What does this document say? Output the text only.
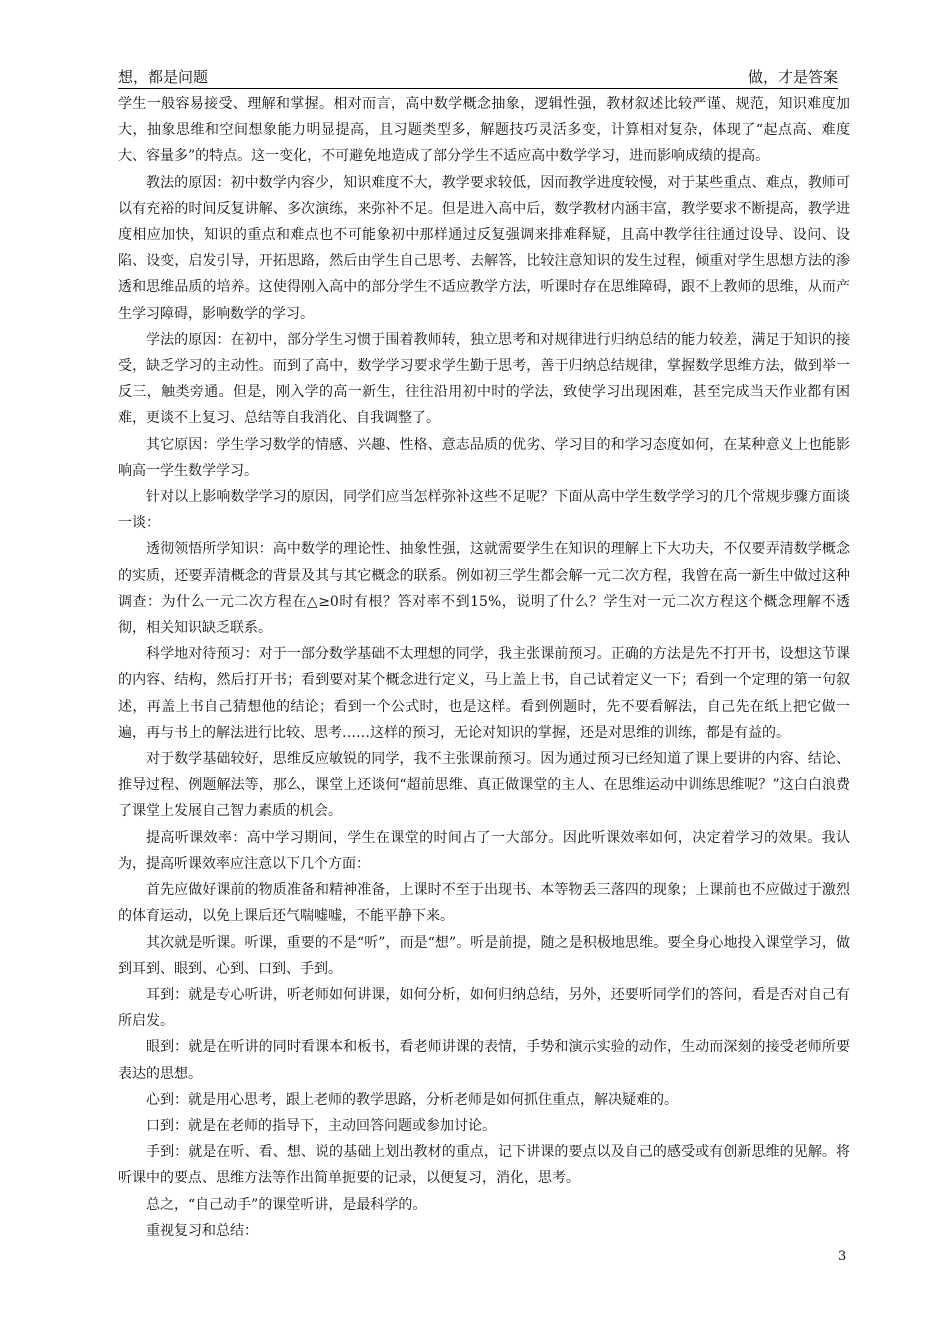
想，都是问题	做，才是答案

学生一般容易接受、理解和掌握。相对而言，高中数学概念抽象，逻辑性强，教材叙述比较严谨、规范，知识难度加大，抽象思维和空间想象能力明显提高，且习题类型多，解题技巧灵活多变，计算相对复杂，体现了“起点高、难度大、容量多”的特点。这一变化，不可避免地造成了部分学生不适应高中数学学习，进而影响成绩的提高。

教法的原因：初中数学内容少，知识难度不大，教学要求较低，因而教学进度较慢，对于某些重点、难点，教师可以有充裕的时间反复讲解、多次演练，来弥补不足。但是进入高中后，数学教材内涵丰富，教学要求不断提高，教学进度相应加快，知识的重点和难点也不可能象初中那样通过反复强调来排难释疑，且高中教学往往通过设导、设问、设陷、设变，启发引导，开拓思路，然后由学生自己思考、去解答，比较注意知识的发生过程，倾重对学生思想方法的渗透和思维品质的培养。这使得刚入高中的部分学生不适应教学方法，听课时存在思维障碍，跟不上教师的思维，从而产生学习障碍，影响数学的学习。

学法的原因：在初中，部分学生习惯于围着教师转，独立思考和对规律进行归纳总结的能力较差，满足于知识的接受，缺乏学习的主动性。而到了高中，数学学习要求学生勤于思考，善于归纳总结规律，掌握数学思维方法，做到举一反三，触类旁通。但是，刚入学的高一新生，往往沿用初中时的学法，致使学习出现困难，甚至完成当天作业都有困难，更谈不上复习、总结等自我消化、自我调整了。

其它原因：学生学习数学的情感、兴趣、性格、意志品质的优劣、学习目的和学习态度如何，在某种意义上也能影响高一学生数学学习。

针对以上影响数学学习的原因，同学们应当怎样弥补这些不足呢？下面从高中学生数学学习的几个常规步骤方面谈一谈：

透彻领悟所学知识：高中数学的理论性、抽象性强，这就需要学生在知识的理解上下大功夫，不仅要弄清数学概念的实质，还要弄清概念的背景及其与其它概念的联系。例如初三学生都会解一元二次方程，我曾在高一新生中做过这种调查：为什么一元二次方程在△≥0时有根？答对率不到15%，说明了什么？学生对一元二次方程这个概念理解不透彻，相关知识缺乏联系。

科学地对待预习：对于一部分数学基础不太理想的同学，我主张课前预习。正确的方法是先不打开书，设想这节课的内容、结构，然后打开书；看到要对某个概念进行定义，马上盖上书，自己试着定义一下；看到一个定理的第一句叙述，再盖上书自己猜想他的结论；看到一个公式时，也是这样。看到例题时，先不要看解法，自己先在纸上把它做一遍，再与书上的解法进行比较、思考……这样的预习，无论对知识的掌握，还是对思维的训练，都是有益的。

对于数学基础较好，思维反应敏锐的同学，我不主张课前预习。因为通过预习已经知道了课上要讲的内容、结论、推导过程、例题解法等，那么，课堂上还谈何“超前思维、真正做课堂的主人、在思维运动中训练思维呢？”这白白浪费了课堂上发展自己智力素质的机会。

提高听课效率：高中学习期间，学生在课堂的时间占了一大部分。因此听课效率如何，决定着学习的效果。我认为，提高听课效率应注意以下几个方面：

首先应做好课前的物质准备和精神准备，上课时不至于出现书、本等物丢三落四的现象；上课前也不应做过于激烈的体育运动，以免上课后还气喘嘘嘘，不能平静下来。

其次就是听课。听课，重要的不是“听”，而是“想”。听是前提，随之是积极地思维。要全身心地投入课堂学习，做到耳到、眼到、心到、口到、手到。

耳到：就是专心听讲，听老师如何讲课，如何分析，如何归纳总结，另外，还要听同学们的答问，看是否对自己有所启发。

眼到：就是在听讲的同时看课本和板书，看老师讲课的表情，手势和演示实验的动作，生动而深刻的接受老师所要表达的思想。

心到：就是用心思考，跟上老师的教学思路，分析老师是如何抓住重点，解决疑难的。

口到：就是在老师的指导下，主动回答问题或参加讨论。

手到：就是在听、看、想、说的基础上划出教材的重点，记下讲课的要点以及自己的感受或有创新思维的见解。将听课中的要点、思维方法等作出简单扼要的记录，以便复习，消化，思考。

总之，“自己动手”的课堂听讲，是最科学的。

重视复习和总结：

3
